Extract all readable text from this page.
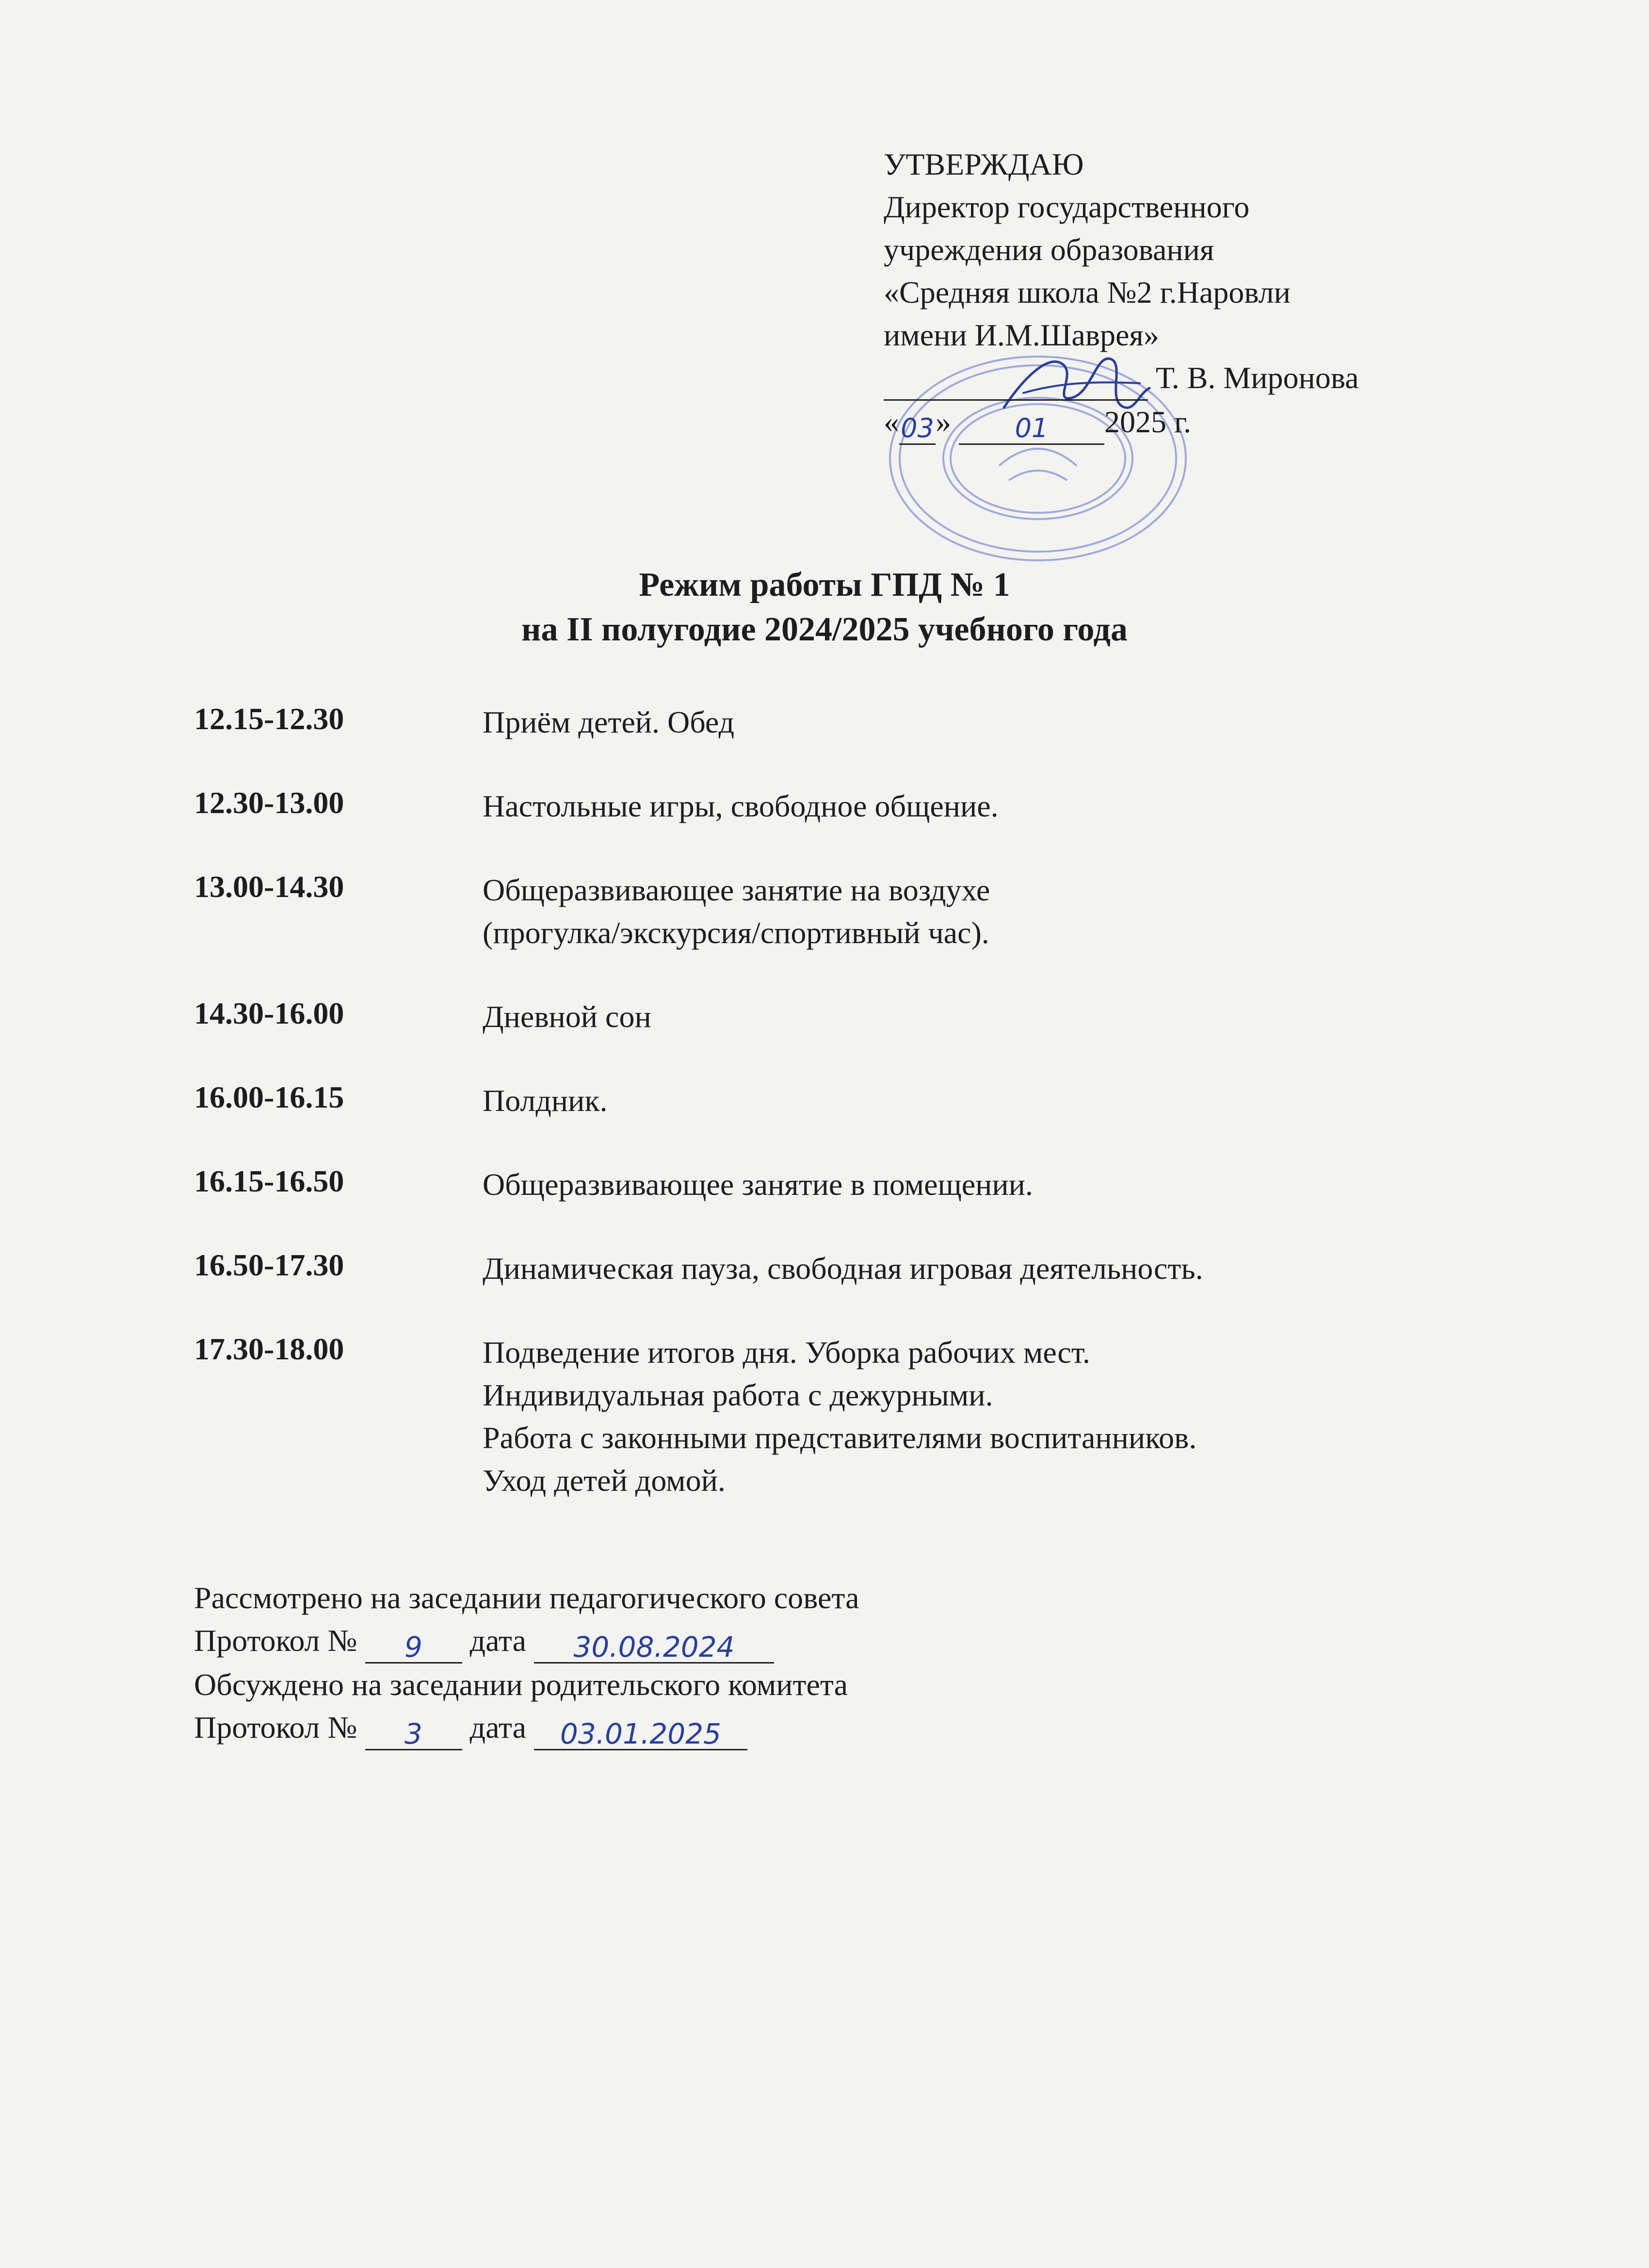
УТВЕРЖДАЮ
Директор государственного
учреждения образования
«Средняя школа №2 г.Наровли
имени И.М.Шаврея»
Т. В. Миронова
« 03 »	01	2025 г.
Режим работы ГПД № 1
на II полугодие 2024/2025 учебного года
12.15-12.30	Приём детей. Обед
12.30-13.00	Настольные игры, свободное общение.
13.00-14.30	Общеразвивающее занятие на воздухе
(прогулка/экскурсия/спортивный час).
14.30-16.00	Дневной сон
16.00-16.15	Полдник.
16.15-16.50	Общеразвивающее занятие в помещении.
16.50-17.30	Динамическая пауза, свободная игровая деятельность.
17.30-18.00	Подведение итогов дня. Уборка рабочих мест.
Индивидуальная работа с дежурными.
Работа с законными представителями воспитанников.
Уход детей домой.
Рассмотрено на заседании педагогического совета
Протокол №	9	дата	30.08.2024

Обсуждено на заседании родительского комитета
Протокол №	3	дата	03.01.2025
